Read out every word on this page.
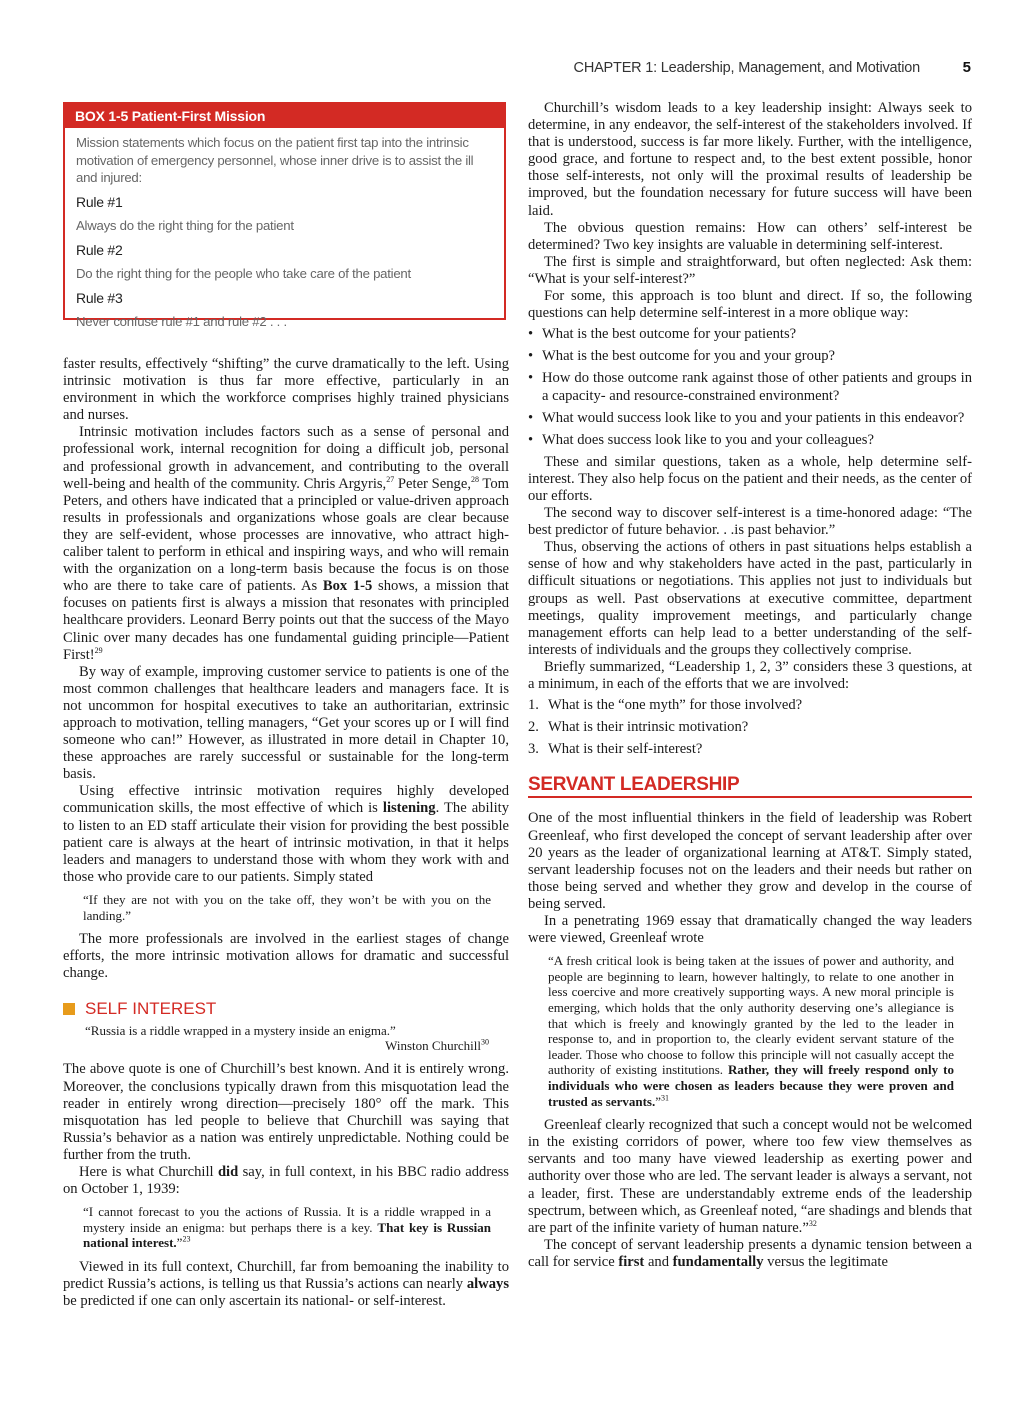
CHAPTER 1: Leadership, Management, and Motivation	5
BOX 1-5 Patient-First Mission
Mission statements which focus on the patient first tap into the intrinsic motivation of emergency personnel, whose inner drive is to assist the ill and injured:
Rule #1
Always do the right thing for the patient
Rule #2
Do the right thing for the people who take care of the patient
Rule #3
Never confuse rule #1 and rule #2 . . .

faster results, effectively “shifting” the curve dramatically to the left. Using intrinsic motivation is thus far more effective, particularly in an environment in which the workforce comprises highly trained physicians and nurses.

Intrinsic motivation includes factors such as a sense of personal and professional work, internal recognition for doing a difficult job, personal and professional growth in advancement, and contributing to the overall well-being and health of the community. Chris Argyris,$^{27}$ Peter Senge,$^{28}$ Tom Peters, and others have indicated that a principled or value-driven approach results in professionals and organizations whose goals are clear because they are self-evident, whose processes are innovative, who attract high-caliber talent to perform in ethical and inspiring ways, and who will remain with the organization on a long-term basis because the focus is on those who are there to take care of patients. As Box 1-5 shows, a mission that focuses on patients first is always a mission that resonates with principled healthcare providers. Leonard Berry points out that the success of the Mayo Clinic over many decades has one fundamental guiding principle—Patient First!$^{29}$

By way of example, improving customer service to patients is one of the most common challenges that healthcare leaders and managers face. It is not uncommon for hospital executives to take an authoritarian, extrinsic approach to motivation, telling managers, “Get your scores up or I will find someone who can!” However, as illustrated in more detail in Chapter 10, these approaches are rarely successful or sustainable for the long-term basis.

Using effective intrinsic motivation requires highly developed communication skills, the most effective of which is listening. The ability to listen to an ED staff articulate their vision for providing the best possible patient care is always at the heart of intrinsic motivation, in that it helps leaders and managers to understand those with whom they work with and those who provide care to our patients. Simply stated

“If they are not with you on the take off, they won’t be with you on the landing.”

The more professionals are involved in the earliest stages of change efforts, the more intrinsic motivation allows for dramatic and successful change.

SELF INTEREST
“Russia is a riddle wrapped in a mystery inside an enigma.”
Winston Churchill$^{30}$

The above quote is one of Churchill’s best known. And it is entirely wrong. Moreover, the conclusions typically drawn from this misquotation lead the reader in entirely wrong direction—precisely 180° off the mark. This misquotation has led people to believe that Churchill was saying that Russia’s behavior as a nation was entirely unpredictable. Nothing could be further from the truth.

Here is what Churchill did say, in full context, in his BBC radio address on October 1, 1939:

“I cannot forecast to you the actions of Russia. It is a riddle wrapped in a mystery inside an enigma: but perhaps there is a key. That key is Russian national interest.”$^{23}$

Viewed in its full context, Churchill, far from bemoaning the inability to predict Russia’s actions, is telling us that Russia’s actions can nearly always be predicted if one can only ascertain its national- or self-interest.

Churchill’s wisdom leads to a key leadership insight: Always seek to determine, in any endeavor, the self-interest of the stakeholders involved. If that is understood, success is far more likely. Further, with the intelligence, good grace, and fortune to respect and, to the best extent possible, honor those self-interests, not only will the proximal results of leadership be improved, but the foundation necessary for future success will have been laid.

The obvious question remains: How can others’ self-interest be determined? Two key insights are valuable in determining self-interest.

The first is simple and straightforward, but often neglected: Ask them: “What is your self-interest?”

For some, this approach is too blunt and direct. If so, the following questions can help determine self-interest in a more oblique way:

• What is the best outcome for your patients?
• What is the best outcome for you and your group?
• How do those outcome rank against those of other patients and groups in a capacity- and resource-constrained environment?
• What would success look like to you and your patients in this endeavor?
• What does success look like to you and your colleagues?

These and similar questions, taken as a whole, help determine self-interest. They also help focus on the patient and their needs, as the center of our efforts.

The second way to discover self-interest is a time-honored adage: “The best predictor of future behavior. . .is past behavior.”

Thus, observing the actions of others in past situations helps establish a sense of how and why stakeholders have acted in the past, particularly in difficult situations or negotiations. This applies not just to individuals but groups as well. Past observations at executive committee, department meetings, quality improvement meetings, and particularly change management efforts can help lead to a better understanding of the self-interests of individuals and the groups they collectively comprise.

Briefly summarized, “Leadership 1, 2, 3” considers these 3 questions, at a minimum, in each of the efforts that we are involved:

1. What is the “one myth” for those involved?
2. What is their intrinsic motivation?
3. What is their self-interest?
SERVANT LEADERSHIP

One of the most influential thinkers in the field of leadership was Robert Greenleaf, who first developed the concept of servant leadership after over 20 years as the leader of organizational learning at AT&T. Simply stated, servant leadership focuses not on the leaders and their needs but rather on those being served and whether they grow and develop in the course of being served.

In a penetrating 1969 essay that dramatically changed the way leaders were viewed, Greenleaf wrote

“A fresh critical look is being taken at the issues of power and authority, and people are beginning to learn, however haltingly, to relate to one another in less coercive and more creatively supporting ways. A new moral principle is emerging, which holds that the only authority deserving one’s allegiance is that which is freely and knowingly granted by the led to the leader in response to, and in proportion to, the clearly evident servant stature of the leader. Those who choose to follow this principle will not casually accept the authority of existing institutions. Rather, they will freely respond only to individuals who were chosen as leaders because they were proven and trusted as servants.”$^{31}$

Greenleaf clearly recognized that such a concept would not be welcomed in the existing corridors of power, where too few view themselves as servants and too many have viewed leadership as exerting power and authority over those who are led. The servant leader is always a servant, not a leader, first. These are understandably extreme ends of the leadership spectrum, between which, as Greenleaf noted, “are shadings and blends that are part of the infinite variety of human nature.”$^{32}$

The concept of servant leadership presents a dynamic tension between a call for service first and fundamentally versus the legitimate
